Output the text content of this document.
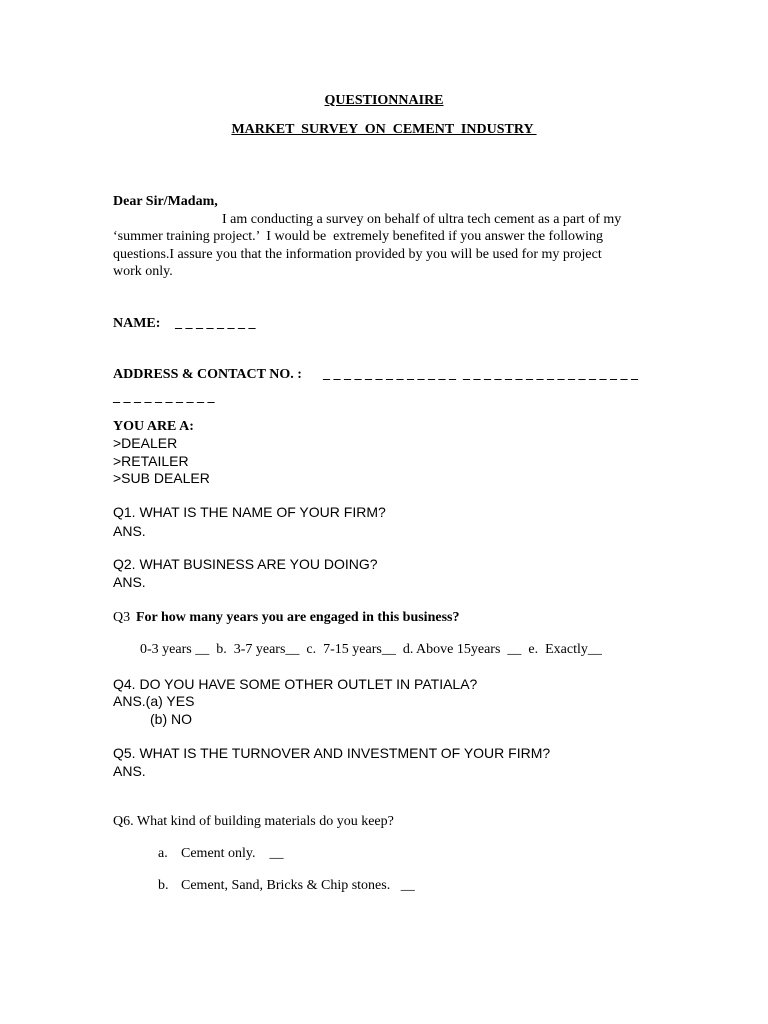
QUESTIONNAIRE
MARKET  SURVEY  ON  CEMENT  INDUSTRY
Dear Sir/Madam,
I am conducting a survey on behalf of ultra tech cement as a part of my
‘summer training project.’  I would be  extremely benefited if you answer the following
questions.I assure you that the information provided by you will be used for my project
work only.
NAME: _ _ _ _ _ _ _ _
ADDRESS & CONTACT NO. : _ _ _ _ _ _ _ _ _ _ _ _ _  _ _ _ _ _ _ _ _ _ _ _ _ _ _ _ _ _
_ _ _ _ _ _ _ _ _ _
YOU ARE A:
>DEALER
>RETAILER
>SUB DEALER
Q1. WHAT IS THE NAME OF YOUR FIRM?
ANS.
Q2. WHAT BUSINESS ARE YOU DOING?
ANS.
Q3 For how many years you are engaged in this business?
0-3 years __  b.  3-7 years__  c.  7-15 years__  d. Above 15years  __  e.  Exactly__
Q4. DO YOU HAVE SOME OTHER OUTLET IN PATIALA?
ANS.(a) YES
(b) NO
Q5. WHAT IS THE TURNOVER AND INVESTMENT OF YOUR FIRM?
ANS.
Q6. What kind of building materials do you keep?
a. Cement only.    __
b. Cement, Sand, Bricks & Chip stones.   __
